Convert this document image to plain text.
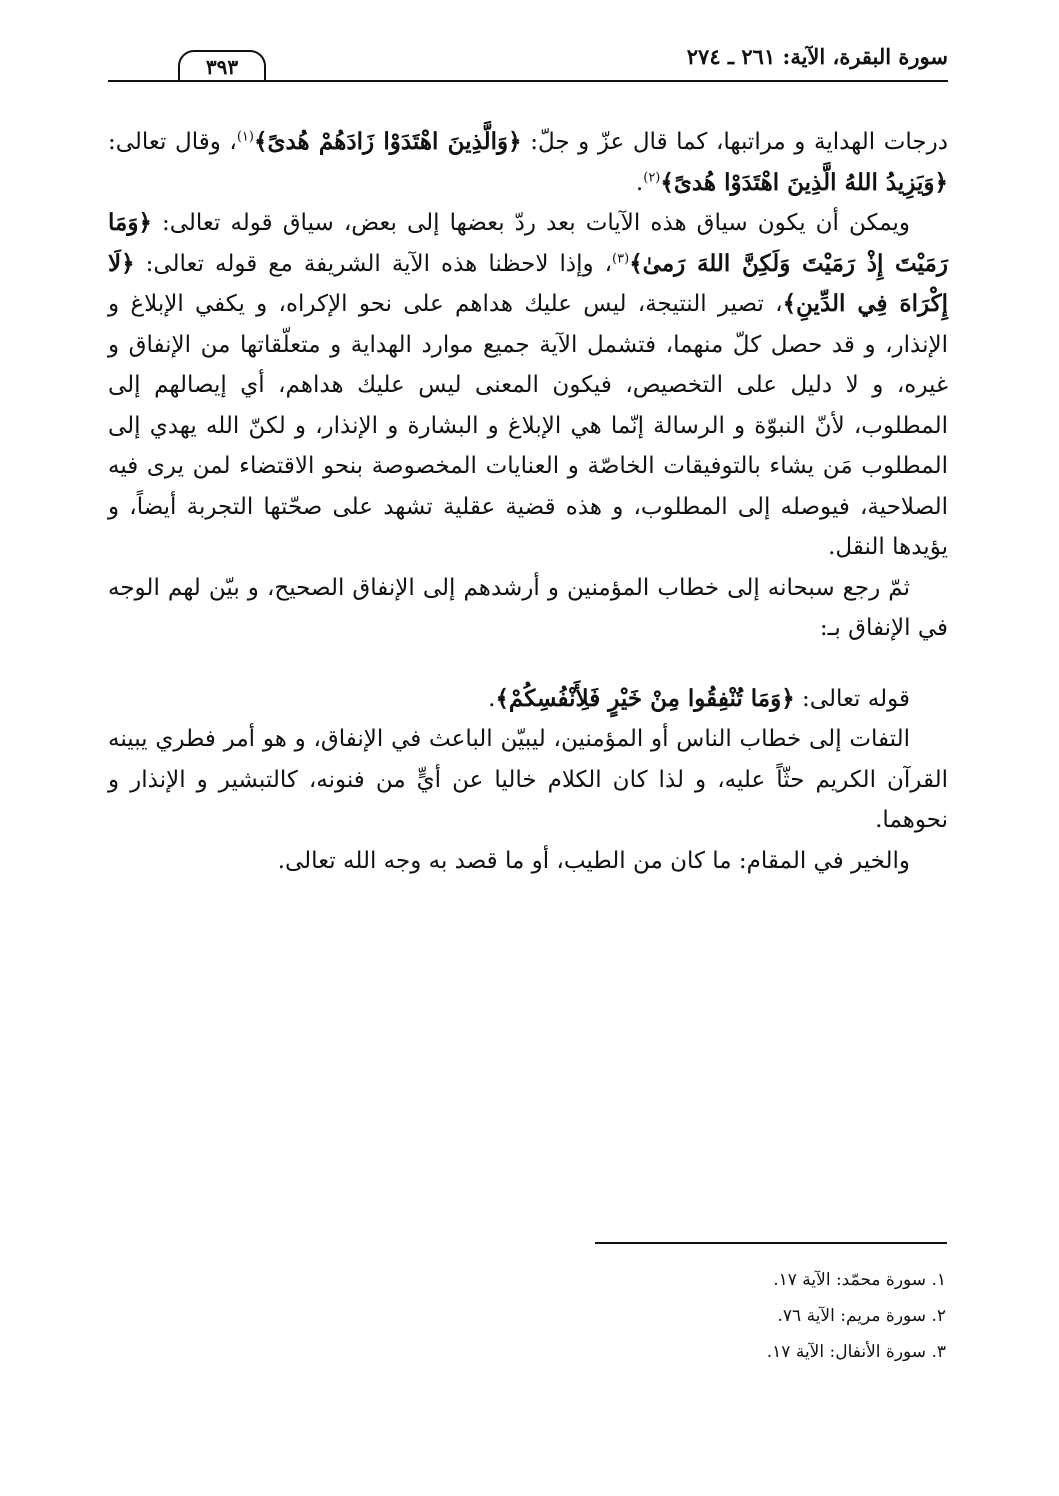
سورة البقرة، الآية: ٢٦١ ـ ٢٧٤
٣٩٣

درجات الهداية و مراتبها، كما قال عزّ و جلّ: ﴿وَالَّذِينَ اهْتَدَوْا زَادَهُمْ هُدىً﴾$^{(١)}$، وقال تعالى: ﴿وَيَزِيدُ اللهُ الَّذِينَ اهْتَدَوْا هُدىً﴾$^{(٢)}$.

ويمكن أن يكون سياق هذه الآيات بعد ردّ بعضها إلى بعض، سياق قوله تعالى: ﴿وَمَا رَمَيْتَ إِذْ رَمَيْتَ وَلَكِنَّ اللهَ رَمىٰ﴾$^{(٣)}$، وإذا لاحظنا هذه الآية الشريفة مع قوله تعالى: ﴿لَا إِكْرَاهَ فِي الدِّينِ﴾، تصير النتيجة، ليس عليك هداهم على نحو الإكراه، و يكفي الإبلاغ و الإنذار، و قد حصل كلّ منهما، فتشمل الآية جميع موارد الهداية و متعلّقاتها من الإنفاق و غيره، و لا دليل على التخصيص، فيكون المعنى ليس عليك هداهم، أي إيصالهم إلى المطلوب، لأنّ النبوّة و الرسالة إنّما هي الإبلاغ و البشارة و الإنذار، و لكنّ الله يهدي إلى المطلوب مَن يشاء بالتوفيقات الخاصّة و العنايات المخصوصة بنحو الاقتضاء لمن يرى فيه الصلاحية، فيوصله إلى المطلوب، و هذه قضية عقلية تشهد على صحّتها التجربة أيضاً، و يؤيدها النقل.

ثمّ رجع سبحانه إلى خطاب المؤمنين و أرشدهم إلى الإنفاق الصحيح، و بيّن لهم الوجه في الإنفاق بـ:

قوله تعالى: ﴿وَمَا تُنْفِقُوا مِنْ خَيْرٍ فَلِأَنْفُسِكُمْ﴾.

التفات إلى خطاب الناس أو المؤمنين، ليبيّن الباعث في الإنفاق، و هو أمر فطري يبينه القرآن الكريم حثّاً عليه، و لذا كان الكلام خاليا عن أيٍّ من فنونه، كالتبشير و الإنذار و نحوهما.

والخير في المقام: ما كان من الطيب، أو ما قصد به وجه الله تعالى.

١. سورة محمّد: الآية ١٧.

٢. سورة مريم: الآية ٧٦.

٣. سورة الأنفال: الآية ١٧.
